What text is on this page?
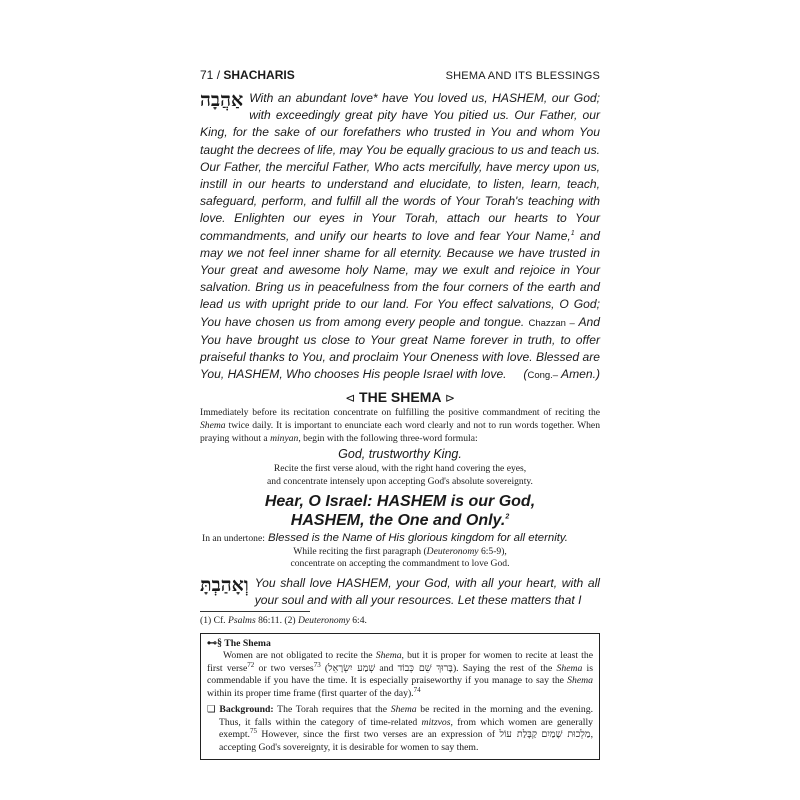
71 / SHACHARIS	SHEMA AND ITS BLESSINGS

אַהֲבָה With an abundant love* have You loved us, HASHEM, our God; with exceedingly great pity have You pitied us. Our Father, our King, for the sake of our forefathers who trusted in You and whom You taught the decrees of life, may You be equally gracious to us and teach us. Our Father, the merciful Father, Who acts mercifully, have mercy upon us, instill in our hearts to understand and elucidate, to listen, learn, teach, safeguard, perform, and fulfill all the words of Your Torah's teaching with love. Enlighten our eyes in Your Torah, attach our hearts to Your commandments, and unify our hearts to love and fear Your Name,$^1$ and may we not feel inner shame for all eternity. Because we have trusted in Your great and awesome holy Name, may we exult and rejoice in Your salvation. Bring us in peacefulness from the four corners of the earth and lead us with upright pride to our land. For You effect salvations, O God; You have chosen us from among every people and tongue. Chazzan – And You have brought us close to Your great Name forever in truth, to offer praiseful thanks to You, and proclaim Your Oneness with love. Blessed are You, HASHEM, Who chooses His people Israel with love. (Cong.– Amen.)

⊲ THE SHEMA ⊳

Immediately before its recitation concentrate on fulfilling the positive commandment of reciting the Shema twice daily. It is important to enunciate each word clearly and not to run words together. When praying without a minyan, begin with the following three-word formula:

God, trustworthy King.

Recite the first verse aloud, with the right hand covering the eyes,
and concentrate intensely upon accepting God's absolute sovereignty.

Hear, O Israel: HASHEM is our God,
HASHEM, the One and Only.$^2$

In an undertone: Blessed is the Name of His glorious kingdom for all eternity.

While reciting the first paragraph (Deuteronomy 6:5-9),
concentrate on accepting the commandment to love God.

וְאָהַבְתָּ You shall love HASHEM, your God, with all your heart, with all your soul and with all your resources. Let these matters that I

(1) Cf. Psalms 86:11. (2) Deuteronomy 6:4.

⊷§ The Shema

Women are not obligated to recite the Shema, but it is proper for women to recite at least the first verse$^{72}$ or two verses$^{73}$ (שְׁמַע יִשְׂרָאֵל and בָּרוּךְ שֵׁם כְּבוֹד). Saying the rest of the Shema is commendable if you have the time. It is especially praiseworthy if you manage to say the Shema within its proper time frame (first quarter of the day).$^{74}$

❑ Background: The Torah requires that the Shema be recited in the morning and the evening. Thus, it falls within the category of time-related mitzvos, from which women are generally exempt.$^{75}$ However, since the first two verses are an expression of קַבָּלַת עוֹל מַלְכוּת שָׁמַיִם, accepting God's sovereignty, it is desirable for women to say them.
